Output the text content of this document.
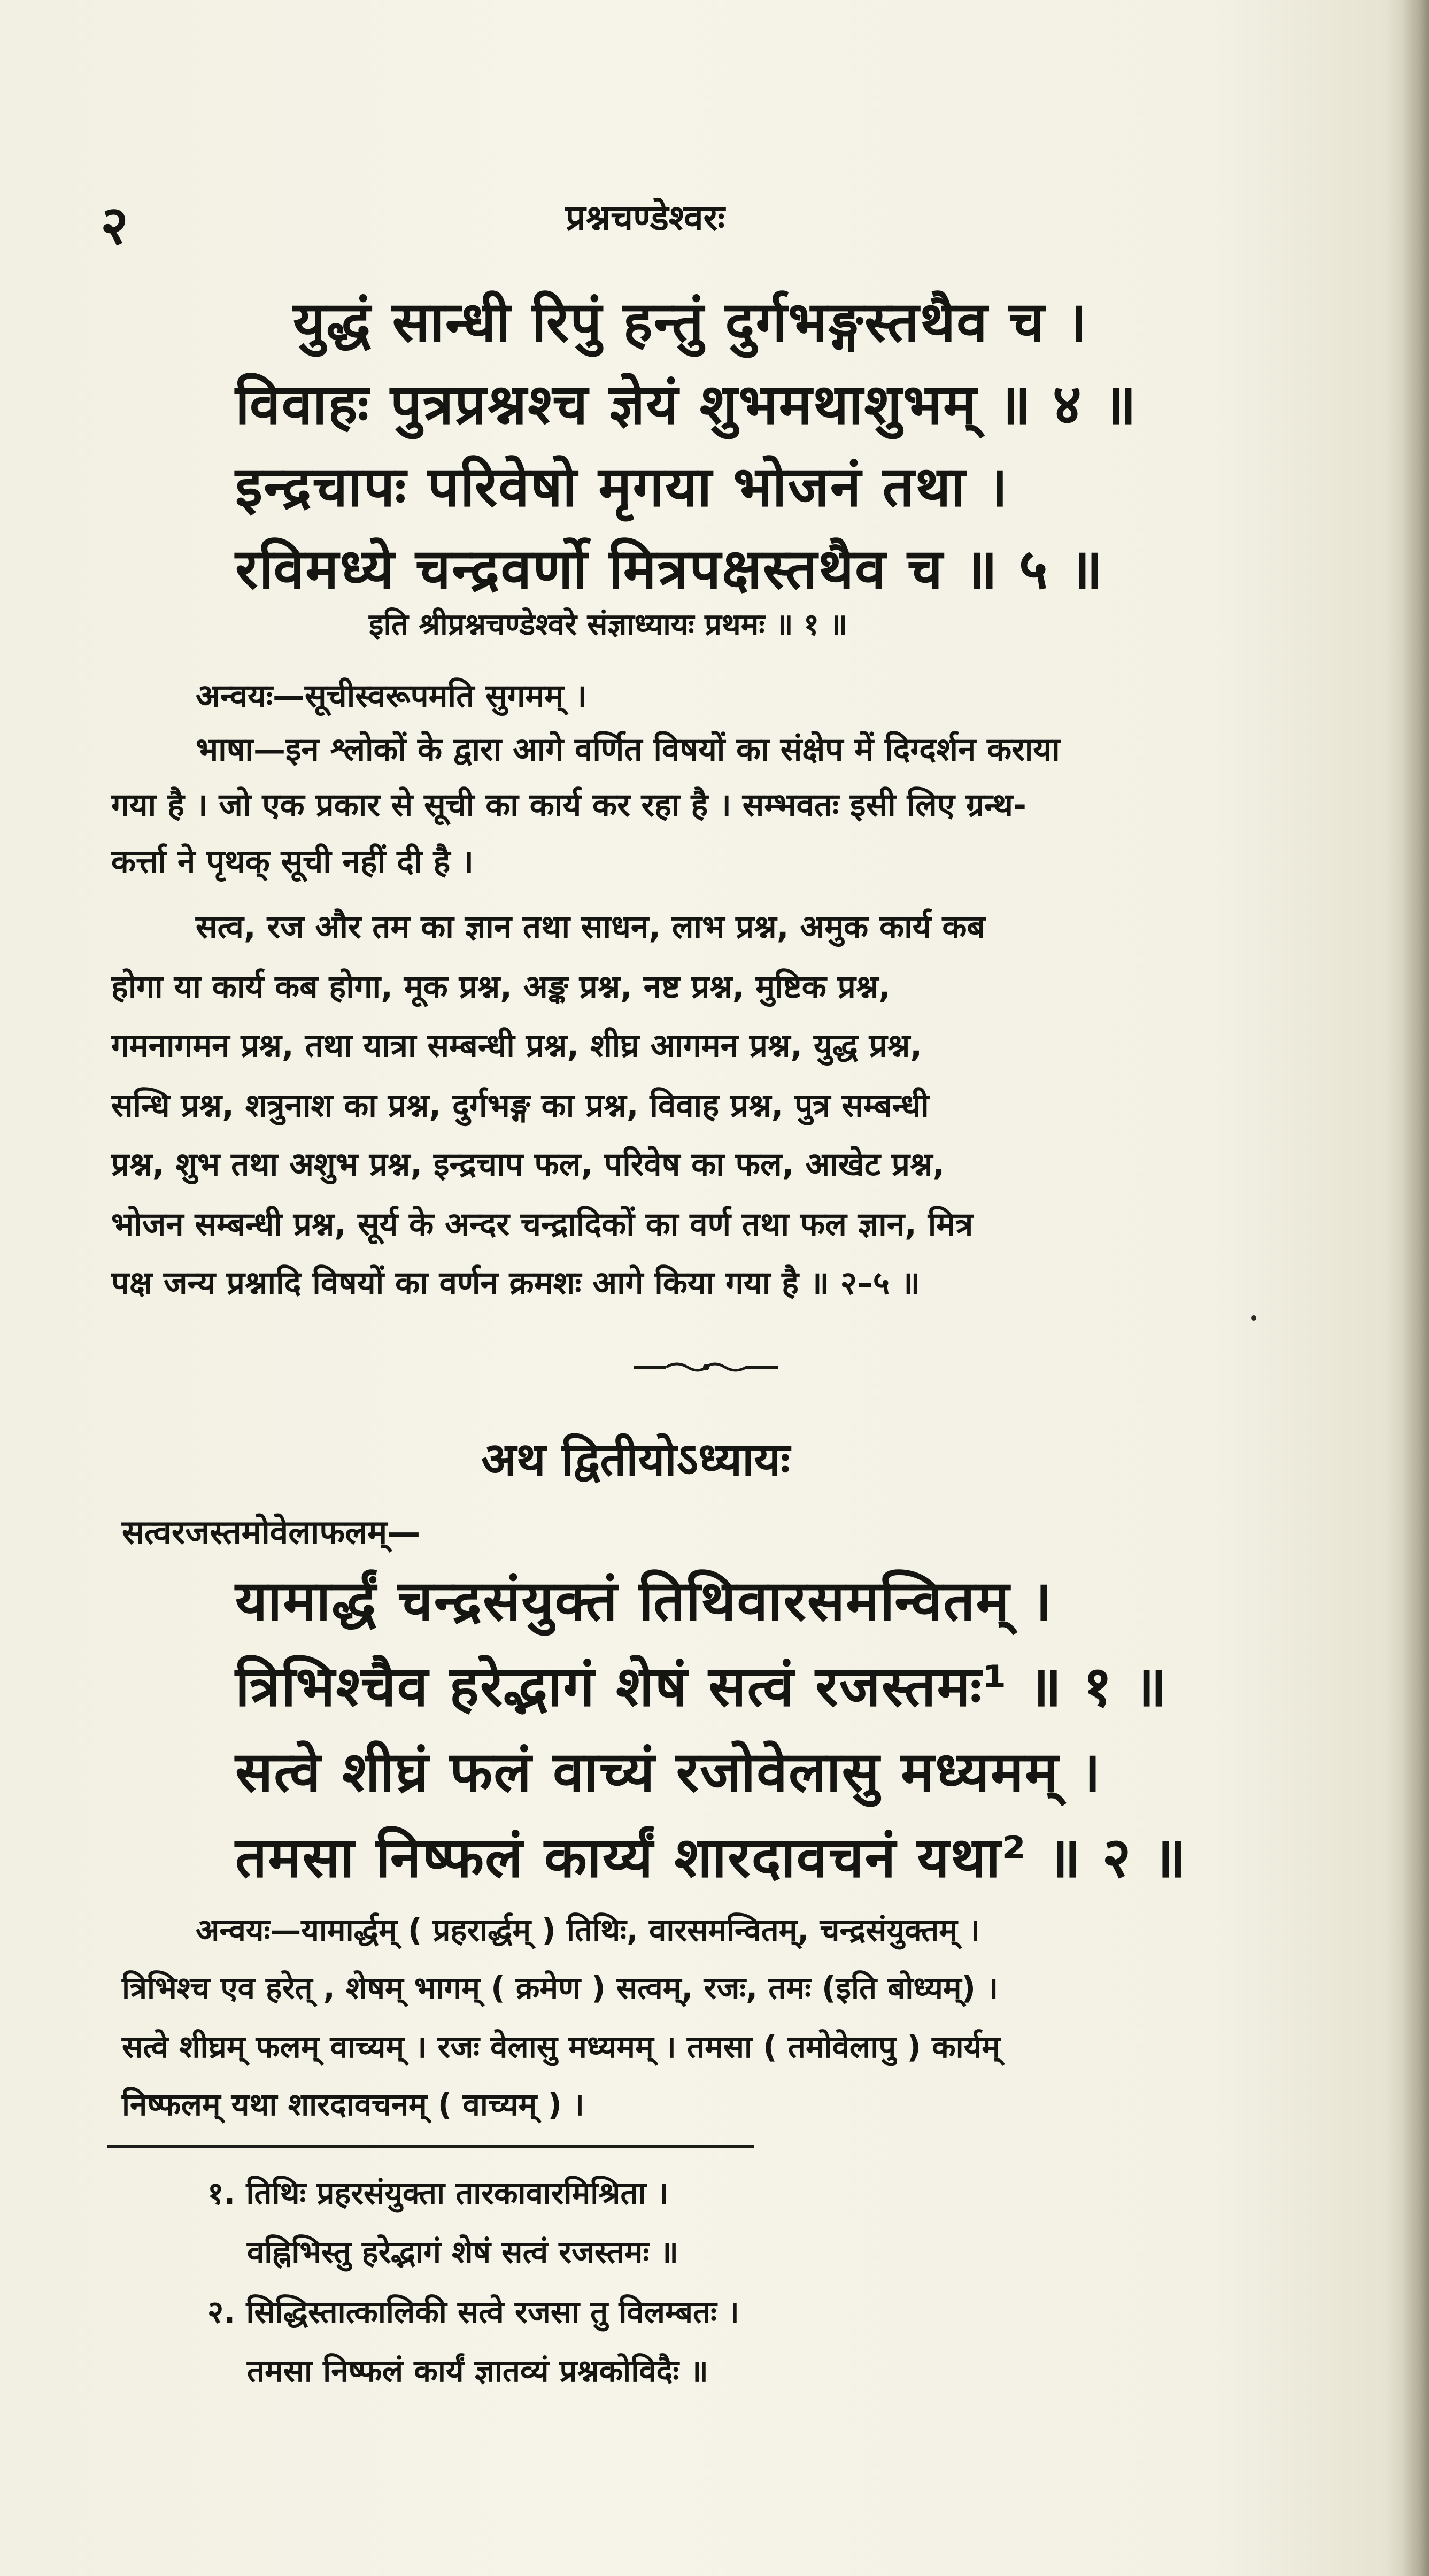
२	प्रश्नचण्डेश्वरः
युद्धं सान्धी रिपुं हन्तुं दुर्गभङ्गस्तथैव च ।
विवाहः पुत्रप्रश्नश्च ज्ञेयं शुभमथाशुभम् ॥ ४ ॥
इन्द्रचापः परिवेषो मृगया भोजनं तथा ।
रविमध्ये चन्द्रवर्णो मित्रपक्षस्तथैव च ॥ ५ ॥
इति श्रीप्रश्नचण्डेश्वरे संज्ञाध्यायः प्रथमः ॥ १ ॥
अन्वयः—सूचीस्वरूपमति सुगमम् ।
भाषा—इन श्लोकों के द्वारा आगे वर्णित विषयों का संक्षेप में दिग्दर्शन कराया
गया है । जो एक प्रकार से सूची का कार्य कर रहा है । सम्भवतः इसी लिए ग्रन्थ-
कर्त्ता ने पृथक् सूची नहीं दी है ।
सत्व, रज और तम का ज्ञान तथा साधन, लाभ प्रश्न, अमुक कार्य कब
होगा या कार्य कब होगा, मूक प्रश्न, अङ्क प्रश्न, नष्ट प्रश्न, मुष्टिक प्रश्न,
गमनागमन प्रश्न, तथा यात्रा सम्बन्धी प्रश्न, शीघ्र आगमन प्रश्न, युद्ध प्रश्न,
सन्धि प्रश्न, शत्रुनाश का प्रश्न, दुर्गभङ्ग का प्रश्न, विवाह प्रश्न, पुत्र सम्बन्धी
प्रश्न, शुभ तथा अशुभ प्रश्न, इन्द्रचाप फल, परिवेष का फल, आखेट प्रश्न,
भोजन सम्बन्धी प्रश्न, सूर्य के अन्दर चन्द्रादिकों का वर्ण तथा फल ज्ञान, मित्र
पक्ष जन्य प्रश्नादि विषयों का वर्णन क्रमशः आगे किया गया है ॥ २–५ ॥
अथ द्वितीयोऽध्यायः
सत्वरजस्तमोवेलाफलम्—
यामार्द्धं चन्द्रसंयुक्तं तिथिवारसमन्वितम् ।
त्रिभिश्चैव हरेद्भागं शेषं सत्वं रजस्तमः¹ ॥ १ ॥
सत्वे शीघ्रं फलं वाच्यं रजोवेलासु मध्यमम् ।
तमसा निष्फलं कार्य्यं शारदावचनं यथा² ॥ २ ॥
अन्वयः—यामार्द्धम् ( प्रहरार्द्धम् ) तिथिः, वारसमन्वितम्, चन्द्रसंयुक्तम् ।
त्रिभिश्च एव हरेत् , शेषम् भागम् ( क्रमेण ) सत्वम्, रजः, तमः (इति बोध्यम्) ।
सत्वे शीघ्रम् फलम् वाच्यम् । रजः वेलासु मध्यमम् । तमसा ( तमोवेलापु ) कार्यम्
निष्फलम् यथा शारदावचनम् ( वाच्यम् ) ।
१. तिथिः प्रहरसंयुक्ता तारकावारमिश्रिता ।
वह्निभिस्तु हरेद्भागं शेषं सत्वं रजस्तमः ॥
२. सिद्धिस्तात्कालिकी सत्वे रजसा तु विलम्बतः ।
तमसा निष्फलं कार्यं ज्ञातव्यं प्रश्नकोविदैः ॥
